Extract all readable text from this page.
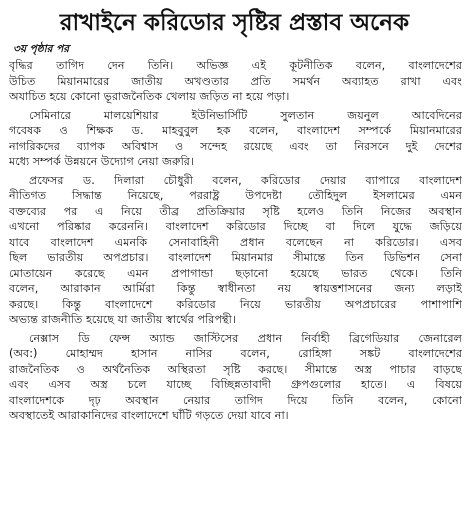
রাখাইনে করিডোর সৃষ্টির প্রস্তাব অনেক
৩য় পৃষ্ঠার পর

বৃদ্ধির তাগিদ দেন তিনি। অভিজ্ঞ এই কূটনীতিক বলেন, বাংলাদেশের
উচিত মিয়ানমারের জাতীয় অখণ্ডতার প্রতি সমর্থন অব্যাহত রাখা এবং
অযাচিত হয়ে কোনো ভূরাজনৈতিক খেলায় জড়িত না হয়ে পড়া।

সেমিনারে মালয়েশিয়ার ইউনিভার্সিটি সুলতান জয়নুল আবেদিনের
গবেষক ও শিক্ষক ড. মাহবুবুল হক বলেন, বাংলাদেশ সম্পর্কে মিয়ানমারের
নাগরিকদের ব্যাপক অবিশ্বাস ও সন্দেহ রয়েছে এবং তা নিরসনে দুই দেশের
মধ্যে সম্পর্ক উন্নয়নে উদ্যোগ নেয়া জরুরি।

প্রফেসর ড. দিলারা চৌধুরী বলেন, করিডোর দেয়ার ব্যাপারে বাংলাদেশ
নীতিগত সিদ্ধান্ত নিয়েছে, পররাষ্ট্র উপদেষ্টা তৌহিদুল ইসলামের এমন
বক্তব্যের পর এ নিয়ে তীব্র প্রতিক্রিয়ার সৃষ্টি হলেও তিনি নিজের অবস্থান
এখনো পরিষ্কার করেননি। বাংলাদেশ করিডোর দিচ্ছে বা দিলে যুদ্ধে জড়িয়ে
যাবে বাংলাদেশ এমনকি সেনাবাহিনী প্রধান বলেছেন না করিডোর। এসব
ছিল ভারতীয় অপপ্রচার। বাংলাদেশ মিয়ানমার সীমান্তে তিন ডিভিশন সেনা
মোতায়েন করেছে এমন প্রপাগান্ডা ছড়ানো হয়েছে ভারত থেকে। তিনি
বলেন, আরাকান আর্মিরা কিন্তু স্বাধীনতা নয় স্বায়ত্তশাসনের জন্য লড়াই
করছে। কিন্তু বাংলাদেশে করিডোর নিয়ে ভারতীয় অপপ্রচারের পাশাপাশি
অভ্যন্ত রাজনীতি হয়েছে যা জাতীয় স্বার্থের পরিপন্থী।

নেক্সাস ডি ফেন্স অ্যান্ড জাস্টিসের প্রধান নির্বাহী ব্রিগেডিয়ার জেনারেল
(অব:) মোহাম্মদ হাসান নাসির বলেন, রোহিঙ্গা সঙ্কট বাংলাদেশের
রাজনৈতিক ও অর্থনৈতিক অস্থিরতা সৃষ্টি করছে। সীমান্তে অস্ত্র পাচার বাড়ছে
এবং এসব অস্ত্র চলে যাচ্ছে বিচ্ছিন্নতাবাদী গ্রুপগুলোর হাতে। এ বিষয়ে
বাংলাদেশকে দৃঢ় অবস্থান নেয়ার তাগিদ দিয়ে তিনি বলেন, কোনো
অবস্থাতেই আরাকানিদের বাংলাদেশে ঘাঁটি গড়তে দেয়া যাবে না।
